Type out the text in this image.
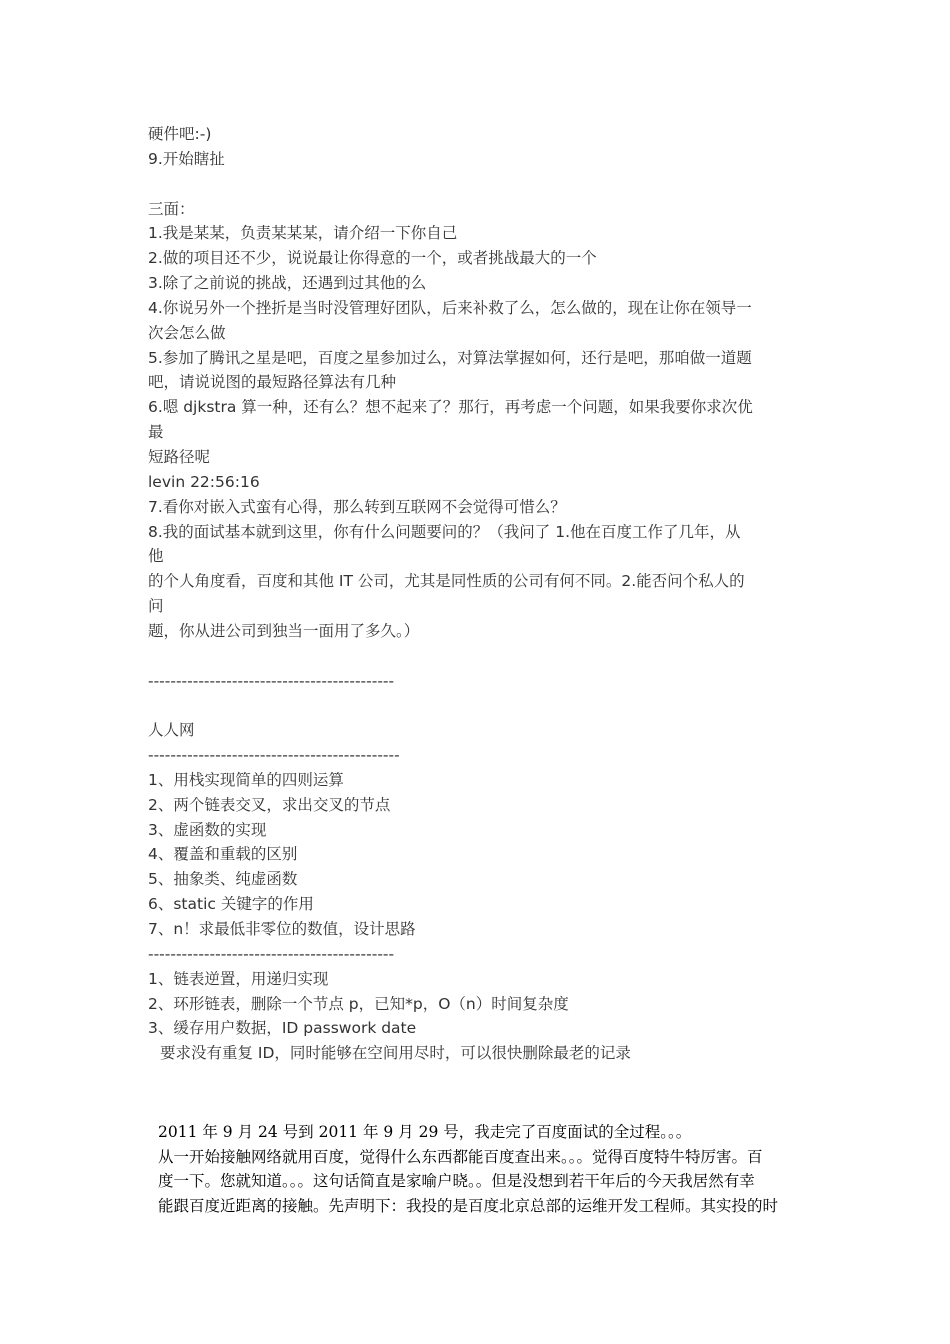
硬件吧:-)
9.开始瞎扯
三面：
1.我是某某，负责某某某，请介绍一下你自己
2.做的项目还不少，说说最让你得意的一个，或者挑战最大的一个
3.除了之前说的挑战，还遇到过其他的么
4.你说另外一个挫折是当时没管理好团队，后来补救了么，怎么做的，现在让你在领导一
次会怎么做
5.参加了腾讯之星是吧，百度之星参加过么，对算法掌握如何，还行是吧，那咱做一道题
吧，请说说图的最短路径算法有几种
6.嗯 djkstra 算一种，还有么？想不起来了？那行，再考虑一个问题，如果我要你求次优
最
短路径呢
levin 22:56:16
7.看你对嵌入式蛮有心得，那么转到互联网不会觉得可惜么？
8.我的面试基本就到这里，你有什么问题要问的？（我问了 1.他在百度工作了几年，从
他
的个人角度看，百度和其他 IT 公司，尤其是同性质的公司有何不同。2.能否问个私人的
问
题，你从进公司到独当一面用了多久。）
--------------------------------------------
人人网
---------------------------------------------
1、用栈实现简单的四则运算
2、两个链表交叉，求出交叉的节点
3、虚函数的实现
4、覆盖和重载的区别
5、抽象类、纯虚函数
6、static 关键字的作用
7、n！求最低非零位的数值，设计思路
--------------------------------------------
1、链表逆置，用递归实现
2、环形链表，删除一个节点 p，已知*p，O（n）时间复杂度
3、缓存用户数据，ID passwork date
要求没有重复 ID，同时能够在空间用尽时，可以很快删除最老的记录
2011 年 9 月 24 号到 2011 年 9 月 29 号，我走完了百度面试的全过程。。。
从一开始接触网络就用百度，觉得什么东西都能百度查出来。。。觉得百度特牛特厉害。百
度一下。您就知道。。。这句话简直是家喻户晓。。但是没想到若干年后的今天我居然有幸
能跟百度近距离的接触。先声明下：我投的是百度北京总部的运维开发工程师。其实投的时
